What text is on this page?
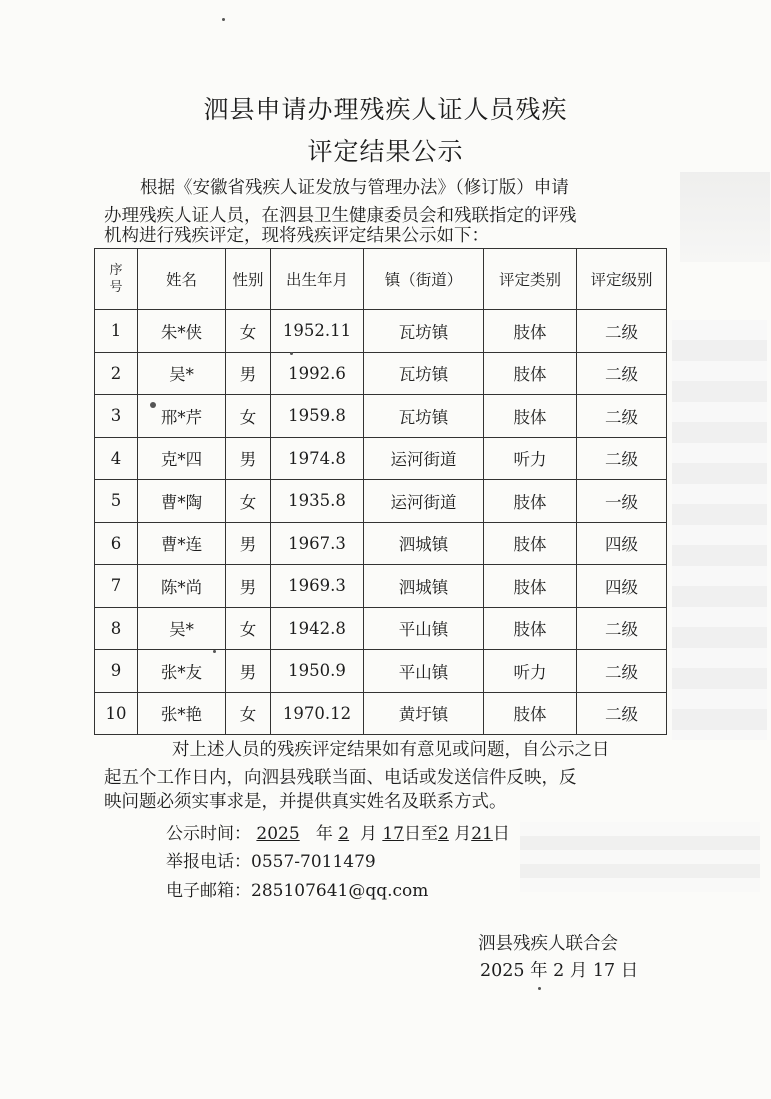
泗县申请办理残疾人证人员残疾
评定结果公示
根据《安徽省残疾人证发放与管理办法》（修订版）申请
办理残疾人证人员，在泗县卫生健康委员会和残联指定的评残
机构进行残疾评定，现将残疾评定结果公示如下：
序
号	姓名	性别	出生年月	镇（街道）	评定类别	评定级别
1	朱*侠	女	1952.11	瓦坊镇	肢体	二级
2	吴*	男	1992.6	瓦坊镇	肢体	二级
3	邢*芹	女	1959.8	瓦坊镇	肢体	二级
4	克*四	男	1974.8	运河街道	听力	二级
5	曹*陶	女	1935.8	运河街道	肢体	一级
6	曹*连	男	1967.3	泗城镇	肢体	四级
7	陈*尚	男	1969.3	泗城镇	肢体	四级
8	吴*	女	1942.8	平山镇	肢体	二级
9	张*友	男	1950.9	平山镇	听力	二级
10	张*艳	女	1970.12	黄圩镇	肢体	二级
对上述人员的残疾评定结果如有意见或问题，自公示之日
起五个工作日内，向泗县残联当面、电话或发送信件反映，反
映问题必须实事求是，并提供真实姓名及联系方式。
公示时间： 2025 年 2 月 17日至2 月21日
举报电话：0557-7011479
电子邮箱：285107641@qq.com
泗县残疾人联合会
2025 年 2 月 17 日
